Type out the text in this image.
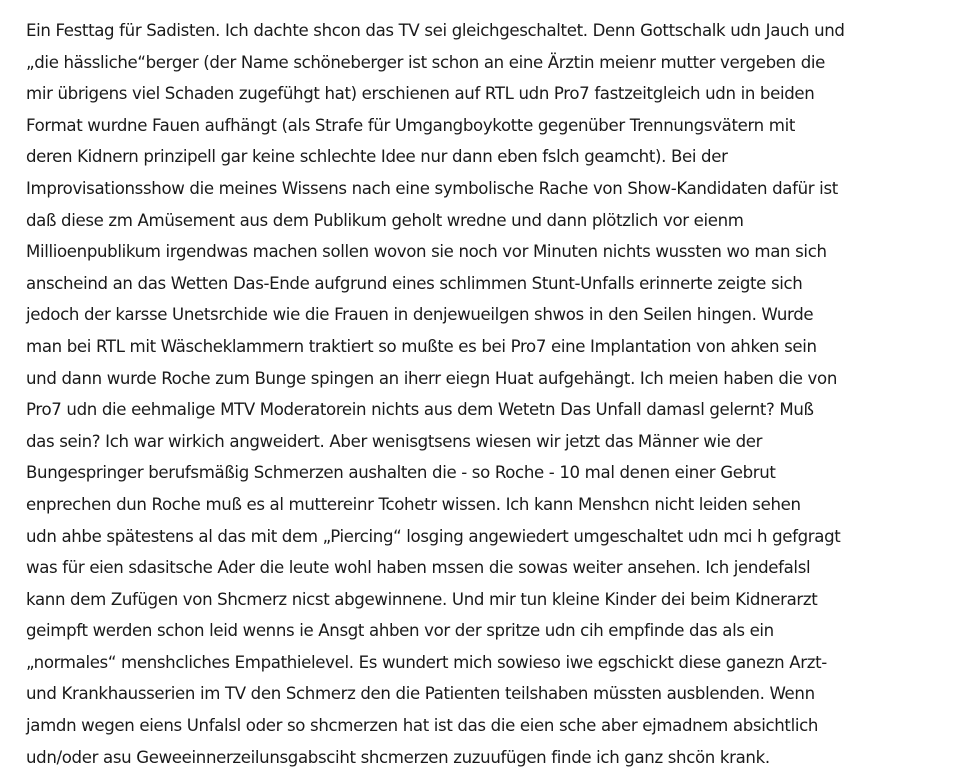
Ein Festtag für Sadisten. Ich dachte shcon das TV sei gleichgeschaltet. Denn Gottschalk udn Jauch und
„die hässliche“berger (der Name schöneberger ist schon an eine Ärztin meienr mutter vergeben die
mir übrigens viel Schaden zugefühgt hat) erschienen auf RTL udn Pro7 fastzeitgleich udn in beiden
Format wurdne Fauen aufhängt (als Strafe für Umgangboykotte gegenüber Trennungsvätern mit
deren Kidnern prinzipell gar keine schlechte Idee nur dann eben fslch geamcht). Bei der
Improvisationsshow die meines Wissens nach eine symbolische Rache von Show-Kandidaten dafür ist
daß diese zm Amüsement aus dem Publikum geholt wredne und dann plötzlich vor eienm
Millioenpublikum irgendwas machen sollen wovon sie noch vor Minuten nichts wussten wo man sich
anscheind an das Wetten Das-Ende aufgrund eines schlimmen Stunt-Unfalls erinnerte zeigte sich
jedoch der karsse Unetsrchide wie die Frauen in denjewueilgen shwos in den Seilen hingen. Wurde
man bei RTL mit Wäscheklammern traktiert so mußte es bei Pro7 eine Implantation von ahken sein
und dann wurde Roche zum Bunge spingen an iherr eiegn Huat aufgehängt. Ich meien haben die von
Pro7 udn die eehmalige MTV Moderatorein nichts aus dem Wetetn Das Unfall damasl gelernt? Muß
das sein? Ich war wirkich angweidert. Aber wenisgtsens wiesen wir jetzt das Männer wie der
Bungespringer berufsmäßig Schmerzen aushalten die - so Roche - 10 mal denen einer Gebrut
enprechen dun Roche muß es al muttereinr Tcohetr wissen. Ich kann Menshcn nicht leiden sehen
udn ahbe spätestens al das mit dem „Piercing“ losging angewiedert umgeschaltet udn mci h gefgragt
was für eien sdasitsche Ader die leute wohl haben mssen die sowas weiter ansehen. Ich jendefalsl
kann dem Zufügen von Shcmerz nicst abgewinnene. Und mir tun kleine Kinder dei beim Kidnerarzt
geimpft werden schon leid wenns ie Ansgt ahben vor der spritze udn cih empfinde das als ein
„normales“ menshcliches Empathielevel. Es wundert mich sowieso iwe egschickt diese ganezn Arzt-
und Krankhausserien im TV den Schmerz den die Patienten teilshaben müssten ausblenden. Wenn
jamdn wegen eiens Unfalsl oder so shcmerzen hat ist das die eien sche aber ejmadnem absichtlich
udn/oder asu Geweeinnerzeilunsgabsciht shcmerzen zuzuufügen finde ich ganz shcön krank.
